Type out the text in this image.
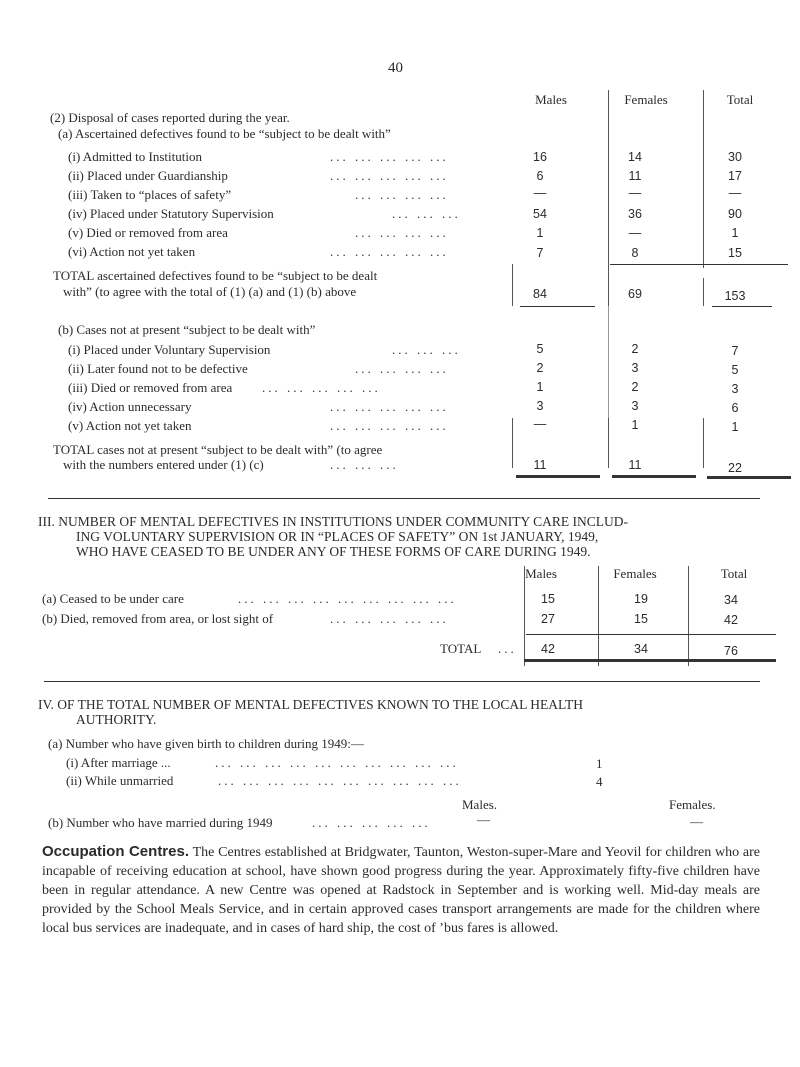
40
Males	Females	Total
(2) Disposal of cases reported during the year.
(a) Ascertained defectives found to be “subject to be dealt with”
(i) Admitted to Institution	... ... ... ... ...	16	14	30
(ii) Placed under Guardianship	... ... ... ... ...	6	11	17
(iii) Taken to “places of safety”	... ... ... ...	—	—	—
(iv) Placed under Statutory Supervision	... ... ...	54	36	90
(v) Died or removed from area	... ... ... ...	1	—	1
(vi) Action not yet taken	... ... ... ... ...	7	8	15
TOTAL ascertained defectives found to be “subject to be dealt
with” (to agree with the total of (1) (a) and (1) (b) above	84	69	153
(b) Cases not at present “subject to be dealt with”
(i) Placed under Voluntary Supervision	... ... ...	5	2	7
(ii) Later found not to be defective	... ... ... ...	2	3	5
(iii) Died or removed from area ... ... ... ... ...	1	2	3
(iv) Action unnecessary	... ... ... ... ...	3	3	6
(v) Action not yet taken	... ... ... ... ...	—	1	1
TOTAL cases not at present “subject to be dealt with” (to agree
with the numbers entered under (1) (c)	... ... ...	11	11	22
III. NUMBER OF MENTAL DEFECTIVES IN INSTITUTIONS UNDER COMMUNITY CARE INCLUD-
ING VOLUNTARY SUPERVISION OR IN “PLACES OF SAFETY” ON 1st JANUARY, 1949,
WHO HAVE CEASED TO BE UNDER ANY OF THESE FORMS OF CARE DURING 1949.
Males	Females	Total
(a) Ceased to be under care	... ... ... ... ... ... ... ... ...	15	19	34
(b) Died, removed from area, or lost sight of	... ... ... ... ...	27	15	42
TOTAL ...	42	34	76
IV. OF THE TOTAL NUMBER OF MENTAL DEFECTIVES KNOWN TO THE LOCAL HEALTH
AUTHORITY.
(a) Number who have given birth to children during 1949:—
(i) After marriage ...	... ... ... ... ... ... ... ... ... ...	1
(ii) While unmarried	... ... ... ... ... ... ... ... ... ...	4
Males.	Females.
(b) Number who have married during 1949	... ... ... ... ...	—	—
Occupation Centres. The Centres established at Bridgwater, Taunton, Weston-super-Mare and Yeovil for children who are incapable of receiving education at school, have shown good progress during the year. Approximately fifty-five children have been in regular attendance. A new Centre was opened at Radstock in September and is working well. Mid-day meals are provided by the School Meals Service, and in certain approved cases transport arrangements are made for the children where local bus services are inadequate, and in cases of hard ship, the cost of ’bus fares is allowed.
